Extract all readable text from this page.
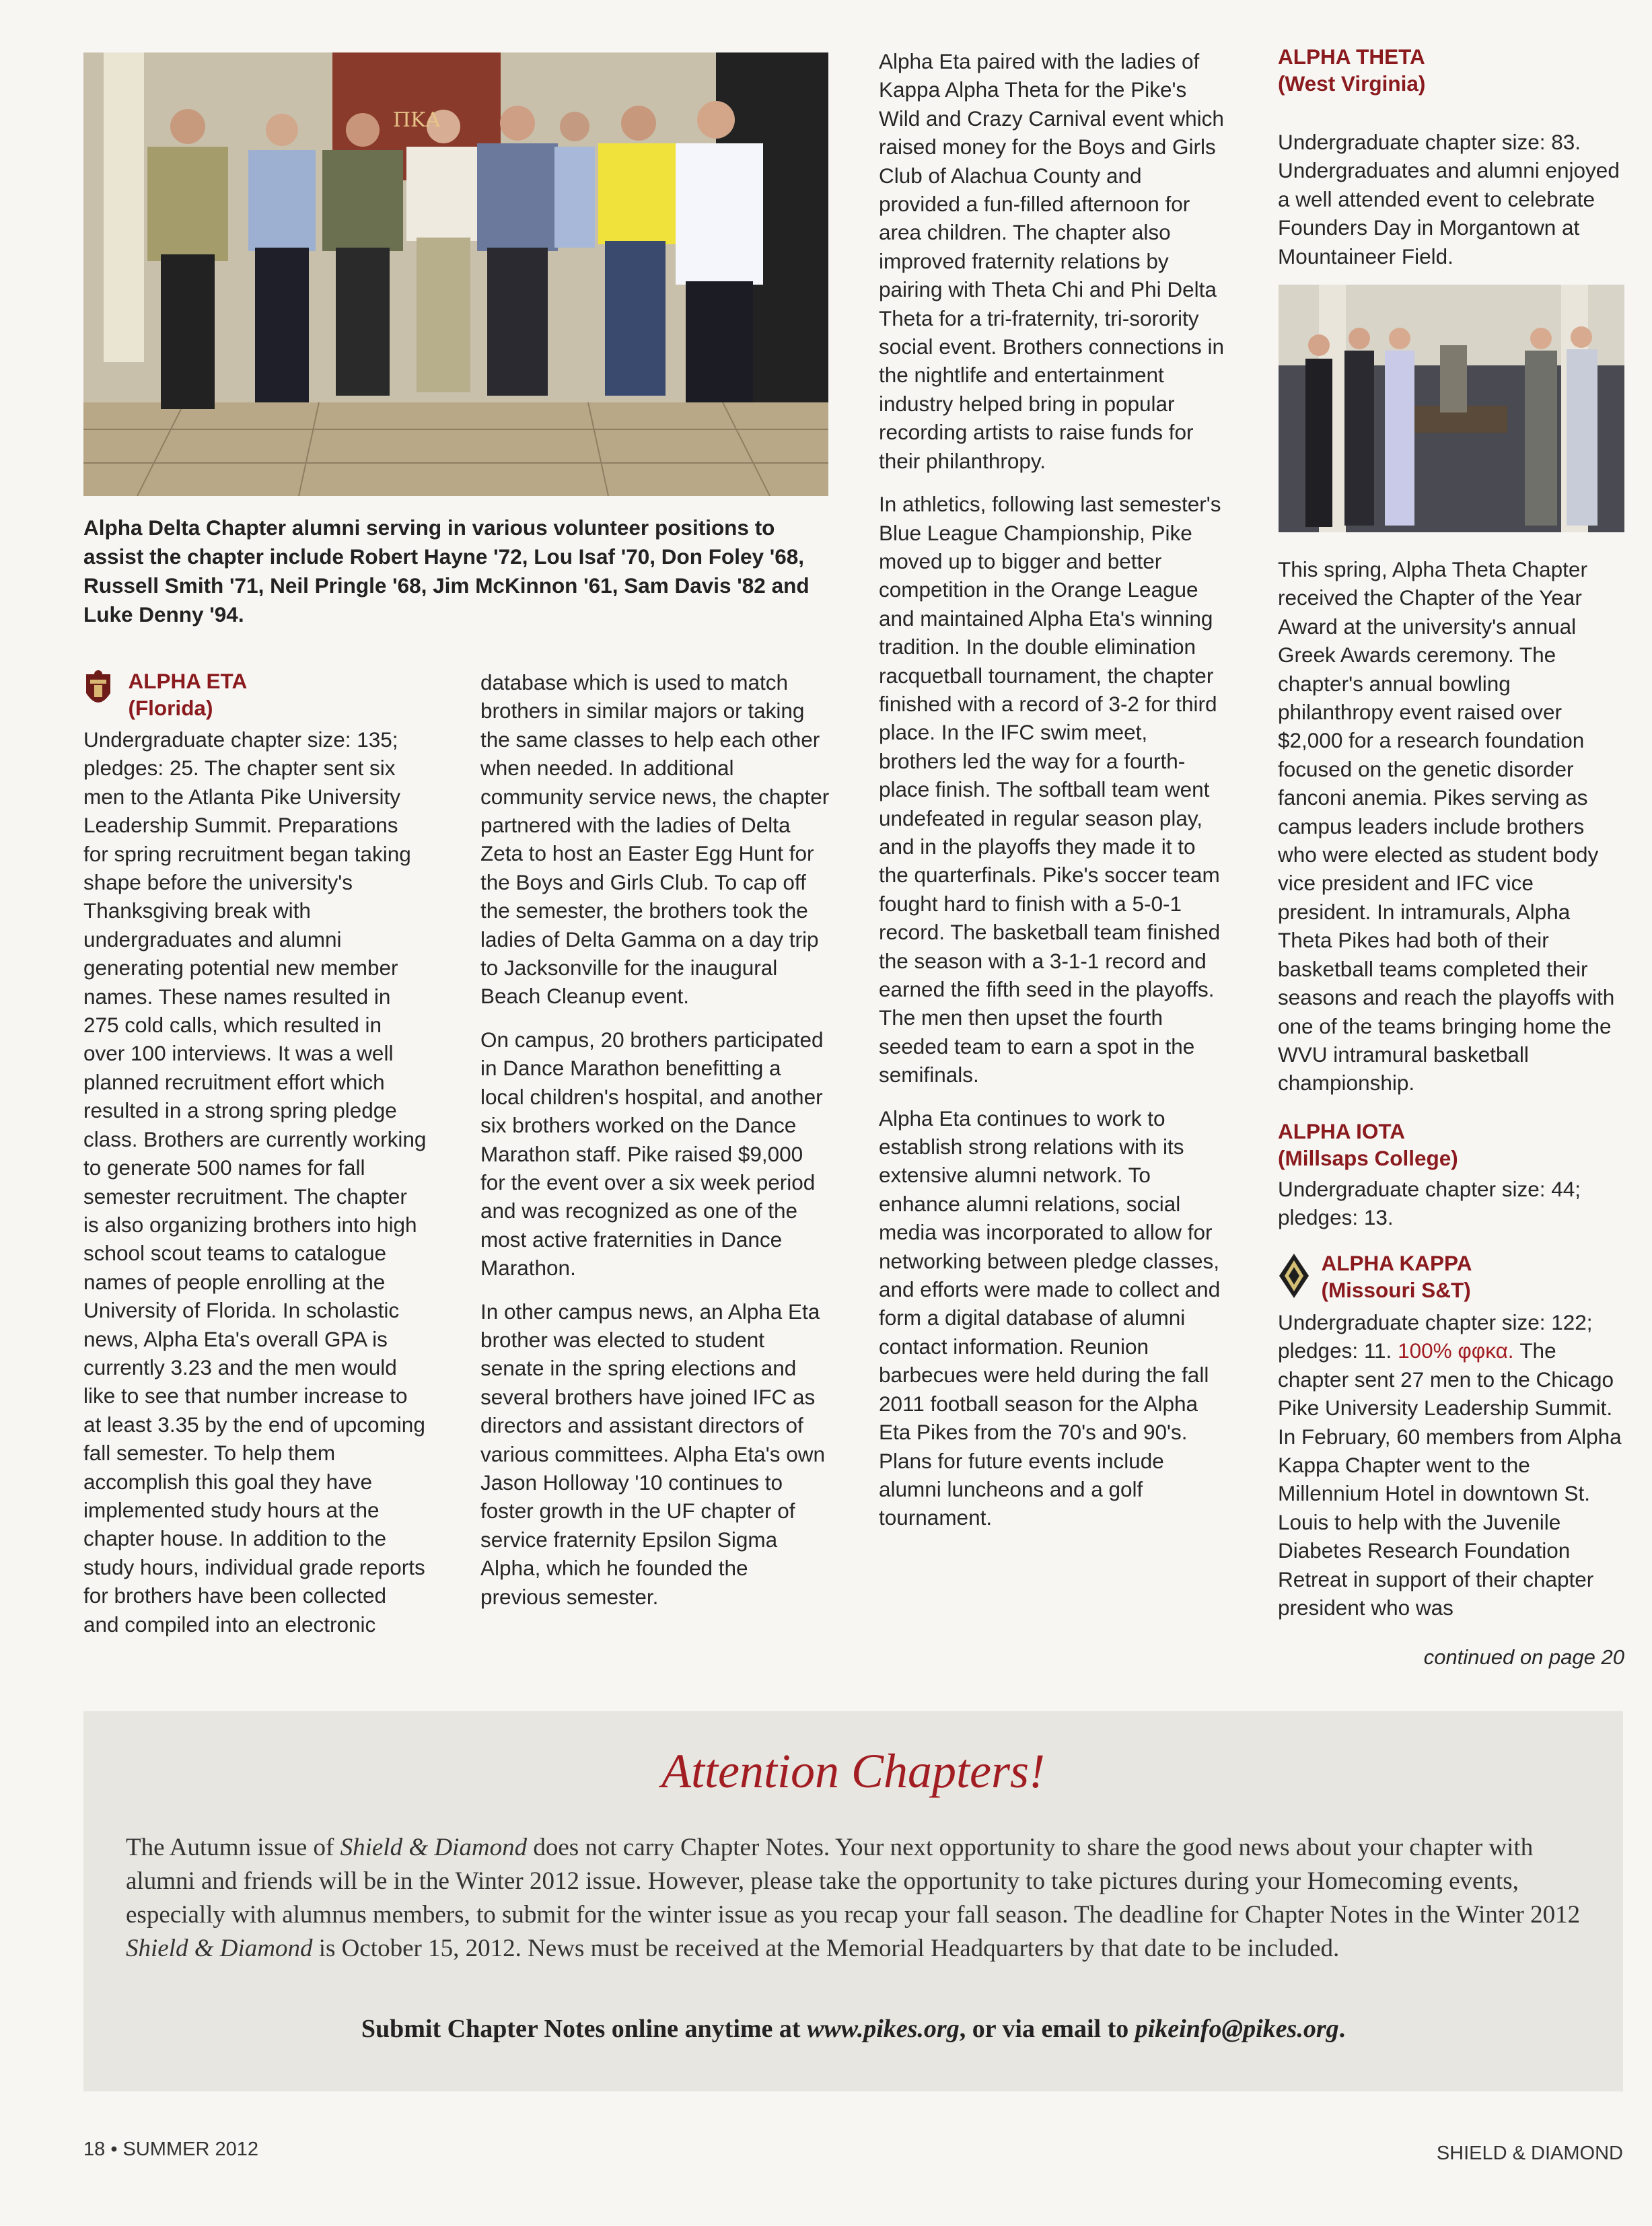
ΠΚΑ
Alpha Delta Chapter alumni serving in various volunteer positions to assist the chapter include Robert Hayne '72, Lou Isaf '70, Don Foley '68, Russell Smith '71, Neil Pringle '68, Jim McKinnon '61, Sam Davis '82 and Luke Denny '94.

ALPHA ETA
(Florida)
Undergraduate chapter size: 135; pledges: 25. The chapter sent six men to the Atlanta Pike University Leadership Summit. Preparations for spring recruitment began taking shape before the university's Thanksgiving break with undergraduates and alumni generating potential new member names. These names resulted in 275 cold calls, which resulted in over 100 interviews. It was a well planned recruitment effort which resulted in a strong spring pledge class. Brothers are currently working to generate 500 names for fall semester recruitment. The chapter is also organizing brothers into high school scout teams to catalogue names of people enrolling at the University of Florida. In scholastic news, Alpha Eta's overall GPA is currently 3.23 and the men would like to see that number increase to at least 3.35 by the end of upcoming fall semester. To help them accomplish this goal they have implemented study hours at the chapter house. In addition to the study hours, individual grade reports for brothers have been collected and compiled into an electronic

database which is used to match brothers in similar majors or taking the same classes to help each other when needed. In additional community service news, the chapter partnered with the ladies of Delta Zeta to host an Easter Egg Hunt for the Boys and Girls Club. To cap off the semester, the brothers took the ladies of Delta Gamma on a day trip to Jacksonville for the inaugural Beach Cleanup event.

On campus, 20 brothers participated in Dance Marathon benefitting a local children's hospital, and another six brothers worked on the Dance Marathon staff. Pike raised $9,000 for the event over a six week period and was recognized as one of the most active fraternities in Dance Marathon.

In other campus news, an Alpha Eta brother was elected to student senate in the spring elections and several brothers have joined IFC as directors and assistant directors of various committees. Alpha Eta's own Jason Holloway '10 continues to foster growth in the UF chapter of service fraternity Epsilon Sigma Alpha, which he founded the previous semester.

Alpha Eta paired with the ladies of Kappa Alpha Theta for the Pike's Wild and Crazy Carnival event which raised money for the Boys and Girls Club of Alachua County and provided a fun-filled afternoon for area children. The chapter also improved fraternity relations by pairing with Theta Chi and Phi Delta Theta for a tri-fraternity, tri-sorority social event. Brothers connections in the nightlife and entertainment industry helped bring in popular recording artists to raise funds for their philanthropy.

In athletics, following last semester's Blue League Championship, Pike moved up to bigger and better competition in the Orange League and maintained Alpha Eta's winning tradition. In the double elimination racquetball tournament, the chapter finished with a record of 3-2 for third place. In the IFC swim meet, brothers led the way for a fourth-place finish. The softball team went undefeated in regular season play, and in the playoffs they made it to the quarterfinals. Pike's soccer team fought hard to finish with a 5-0-1 record. The basketball team finished the season with a 3-1-1 record and earned the fifth seed in the playoffs. The men then upset the fourth seeded team to earn a spot in the semifinals.

Alpha Eta continues to work to establish strong relations with its extensive alumni network. To enhance alumni relations, social media was incorporated to allow for networking between pledge classes, and efforts were made to collect and form a digital database of alumni contact information. Reunion barbecues were held during the fall 2011 football season for the Alpha Eta Pikes from the 70's and 90's. Plans for future events include alumni luncheons and a golf tournament.

ALPHA THETA
(West Virginia)
Undergraduate chapter size: 83. Undergraduates and alumni enjoyed a well attended event to celebrate Founders Day in Morgantown at Mountaineer Field.
This spring, Alpha Theta Chapter received the Chapter of the Year Award at the university's annual Greek Awards ceremony. The chapter's annual bowling philanthropy event raised over $2,000 for a research foundation focused on the genetic disorder fanconi anemia. Pikes serving as campus leaders include brothers who were elected as student body vice president and IFC vice president. In intramurals, Alpha Theta Pikes had both of their basketball teams completed their seasons and reach the playoffs with one of the teams bringing home the WVU intramural basketball championship.
ALPHA IOTA
(Millsaps College)
Undergraduate chapter size: 44; pledges: 13.

ALPHA KAPPA
(Missouri S&T)
Undergraduate chapter size: 122; pledges: 11. 100% φφκα. The chapter sent 27 men to the Chicago Pike University Leadership Summit. In February, 60 members from Alpha Kappa Chapter went to the Millennium Hotel in downtown St. Louis to help with the Juvenile Diabetes Research Foundation Retreat in support of their chapter president who was
continued on page 20
Attention Chapters!
The Autumn issue of Shield & Diamond does not carry Chapter Notes. Your next opportunity to share the good news about your chapter with alumni and friends will be in the Winter 2012 issue. However, please take the opportunity to take pictures during your Homecoming events, especially with alumnus members, to submit for the winter issue as you recap your fall season. The deadline for Chapter Notes in the Winter 2012 Shield & Diamond is October 15, 2012. News must be received at the Memorial Headquarters by that date to be included.
Submit Chapter Notes online anytime at www.pikes.org, or via email to pikeinfo@pikes.org.
18 • SUMMER 2012	SHIELD & DIAMOND
